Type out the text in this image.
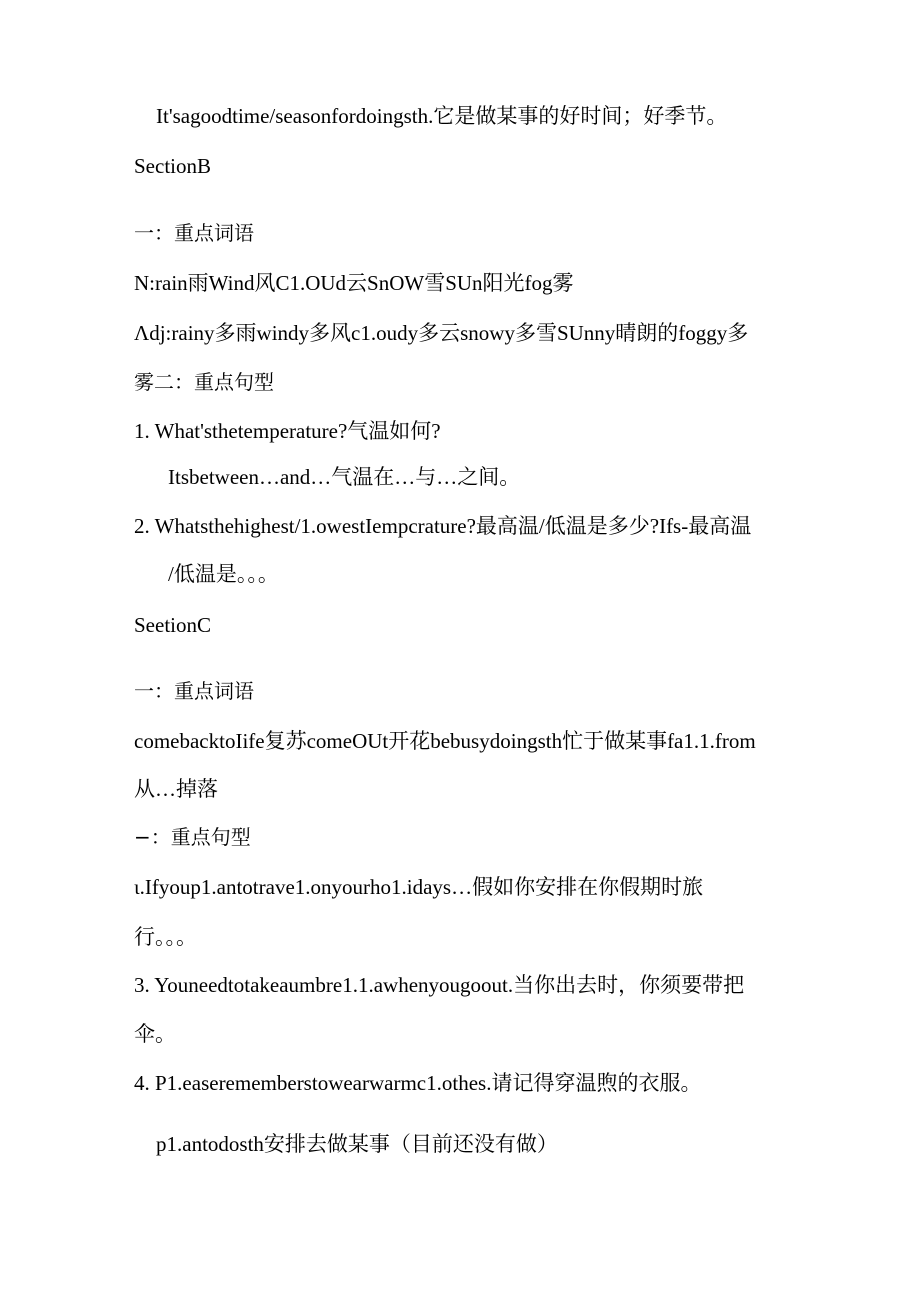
It'sagoodtime/seasonfordoingsth.它是做某事的好时间；好季节。
SectionB
一：重点词语
N:rain雨Wind风C1.OUd云SnOW雪SUn阳光fog雾
Λdj:rainy多雨windy多风c1.oudy多云snowy多雪SUnny晴朗的foggy多
雾二：重点句型
1. What'sthetemperature?气温如何?
Itsbetween…and…气温在…与…之间。
2. Whatsthehighest/1.owestIempcrature?最高温/低温是多少?Ifs-最高温
/低温是。。。
SeetionC
一：重点词语
comebacktoIife复苏comeOUt开花bebusydoingsth忙于做某事fa1.1.from
从…掉落
−：重点句型
ι.Ifyoup1.antotrave1.onyourho1.idays…假如你安排在你假期时旅
行。。。
3. Youneedtotakeaumbre1.1.awhenyougoout.当你出去时，你须要带把
伞。
4. P1.easerememberstowearwarmc1.othes.请记得穿温煦的衣服。
p1.antodosth安排去做某事（目前还没有做）
